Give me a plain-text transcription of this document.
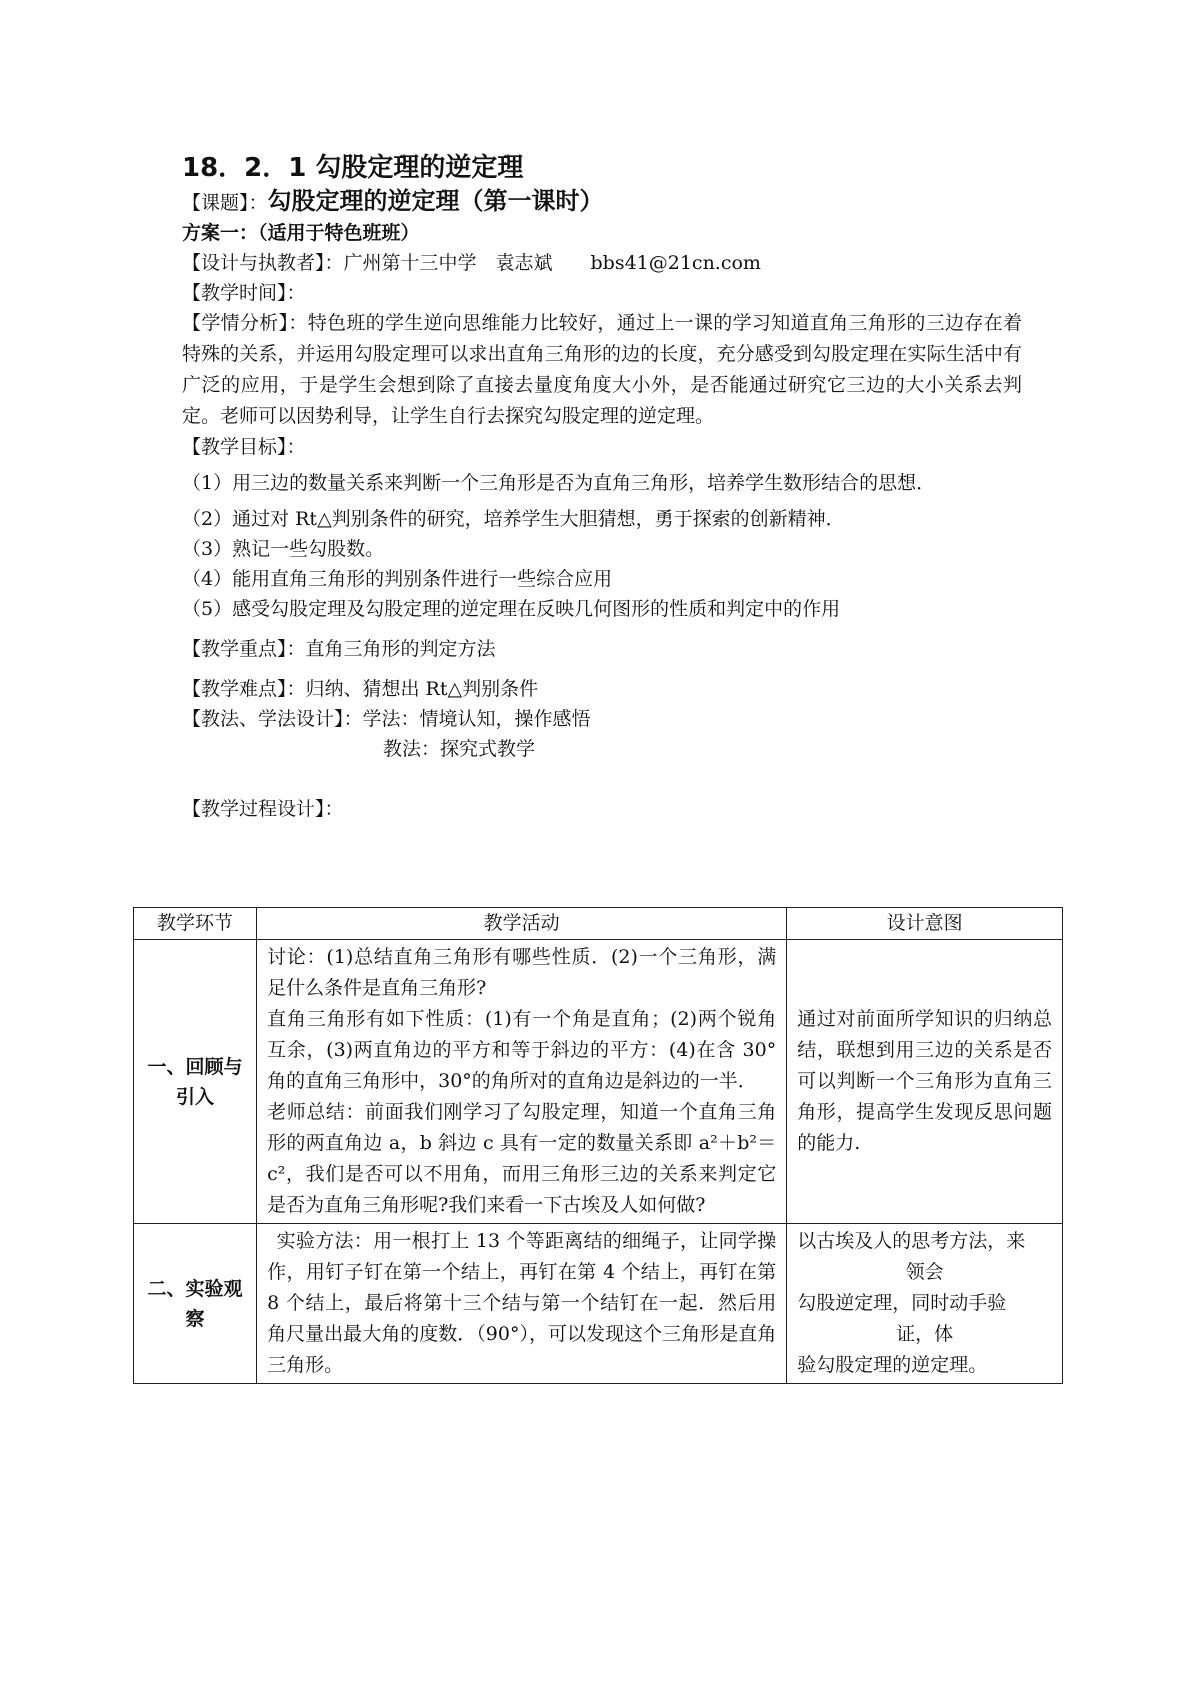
18．2．1 勾股定理的逆定理
【课题】：勾股定理的逆定理（第一课时）
方案一：（适用于特色班班）
【设计与执教者】：广州第十三中学　袁志斌　　bbs41@21cn.com
【教学时间】：
【学情分析】：特色班的学生逆向思维能力比较好，通过上一课的学习知道直角三角形的三边存在着特殊的关系，并运用勾股定理可以求出直角三角形的边的长度，充分感受到勾股定理在实际生活中有广泛的应用，于是学生会想到除了直接去量度角度大小外，是否能通过研究它三边的大小关系去判定。老师可以因势利导，让学生自行去探究勾股定理的逆定理。
【教学目标】：
（1）用三边的数量关系来判断一个三角形是否为直角三角形，培养学生数形结合的思想．
（2）通过对 Rt△判别条件的研究，培养学生大胆猜想，勇于探索的创新精神．
（3）熟记一些勾股数。
（4）能用直角三角形的判别条件进行一些综合应用
（5）感受勾股定理及勾股定理的逆定理在反映几何图形的性质和判定中的作用
【教学重点】：直角三角形的判定方法
【教学难点】：归纳、猜想出 Rt△判别条件
【教法、学法设计】：学法：情境认知，操作感悟
教法：探究式教学
【教学过程设计】：
教学环节	教学活动	设计意图
一、回顾与引入	讨论：(1)总结直角三角形有哪些性质．(2)一个三角形，满足什么条件是直角三角形?
直角三角形有如下性质：(1)有一个角是直角；(2)两个锐角互余，(3)两直角边的平方和等于斜边的平方：(4)在含 30°角的直角三角形中，30°的角所对的直角边是斜边的一半．
老师总结：前面我们刚学习了勾股定理，知道一个直角三角形的两直角边 a，b 斜边 c 具有一定的数量关系即 a²＋b²＝c²，我们是否可以不用角，而用三角形三边的关系来判定它是否为直角三角形呢?我们来看一下古埃及人如何做?	通过对前面所学知识的归纳总结，联想到用三边的关系是否可以判断一个三角形为直角三角形，提高学生发现反思问题的能力.
二、实验观察	实验方法：用一根打上 13 个等距离结的细绳子，让同学操作，用钉子钉在第一个结上，再钉在第 4 个结上，再钉在第 8 个结上，最后将第十三个结与第一个结钉在一起．然后用角尺量出最大角的度数．（90°），可以发现这个三角形是直角三角形。	以古埃及人的思考方法，来
领会
勾股逆定理，同时动手验
证，体
验勾股定理的逆定理。
